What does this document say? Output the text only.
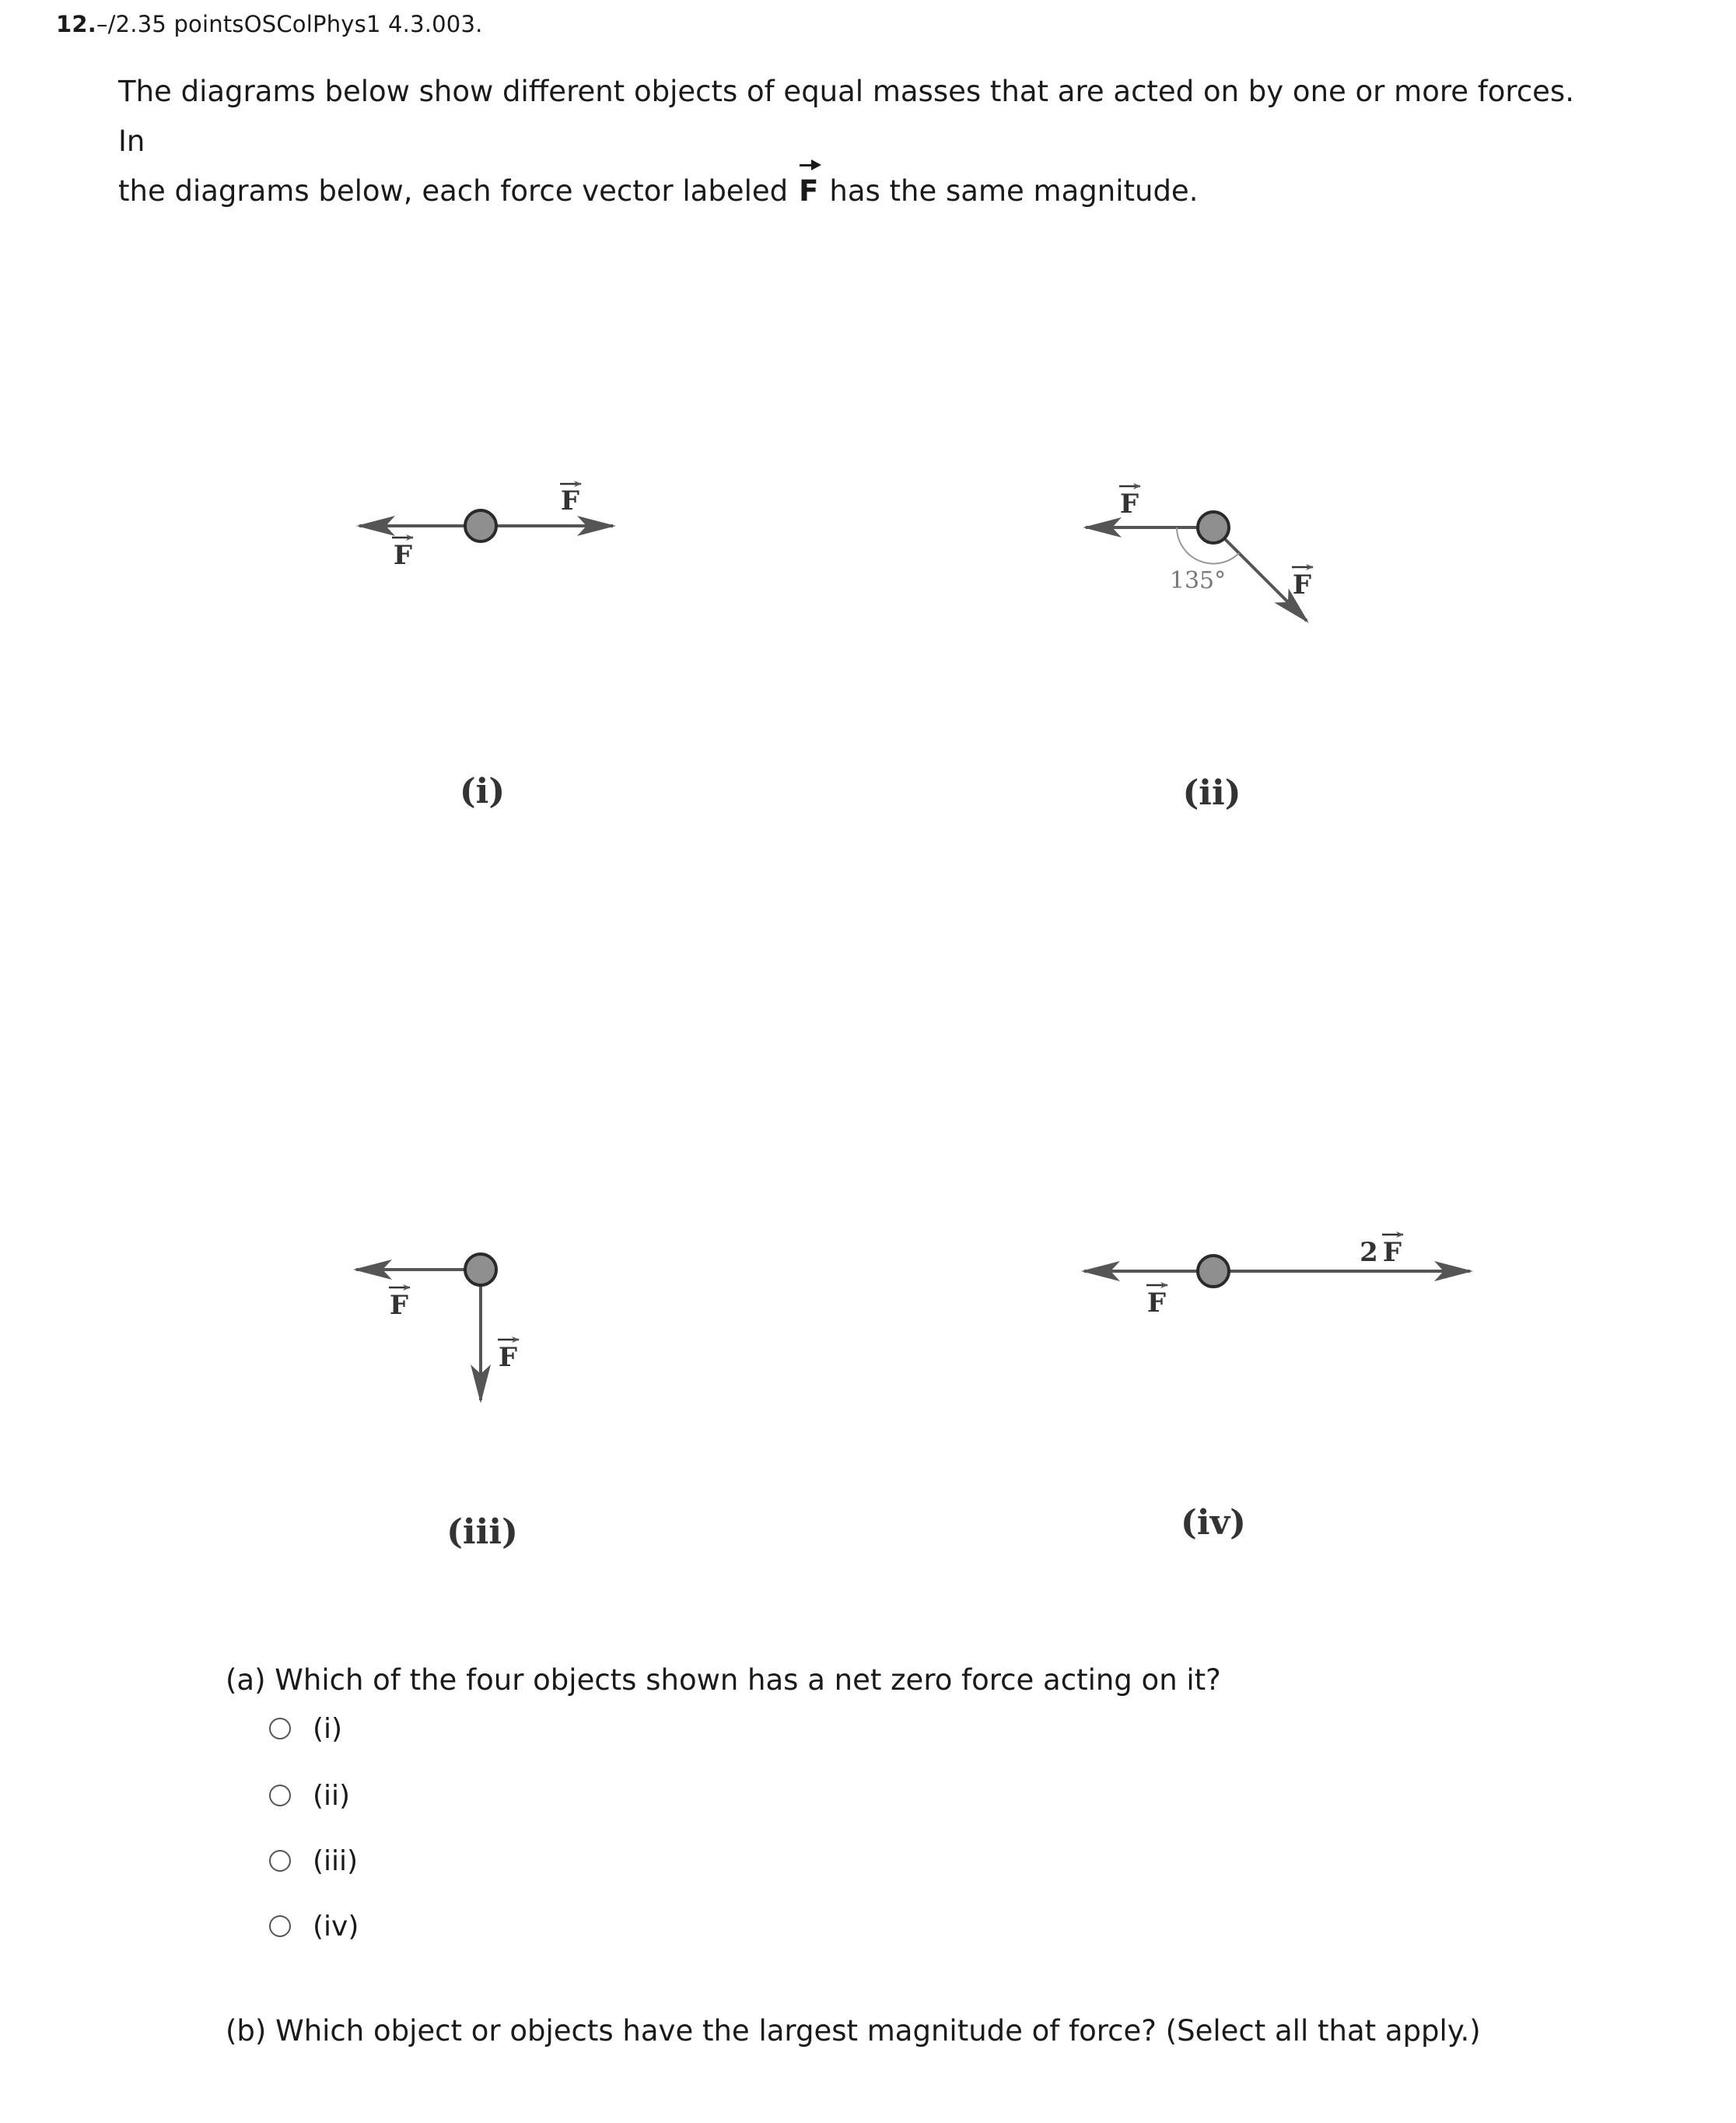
12.–/2.35 pointsOSColPhys1 4.3.003.
The diagrams below show different objects of equal masses that are acted on by one or more forces. In
the diagrams below, each force vector labeled F has the same magnitude.
F
F
(i)
135°
F
F
(ii)
F
F
(iii)
F
2 F
(iv)
(a) Which of the four objects shown has a net zero force acting on it?
(i)
(ii)
(iii)
(iv)
(b) Which object or objects have the largest magnitude of force? (Select all that apply.)
